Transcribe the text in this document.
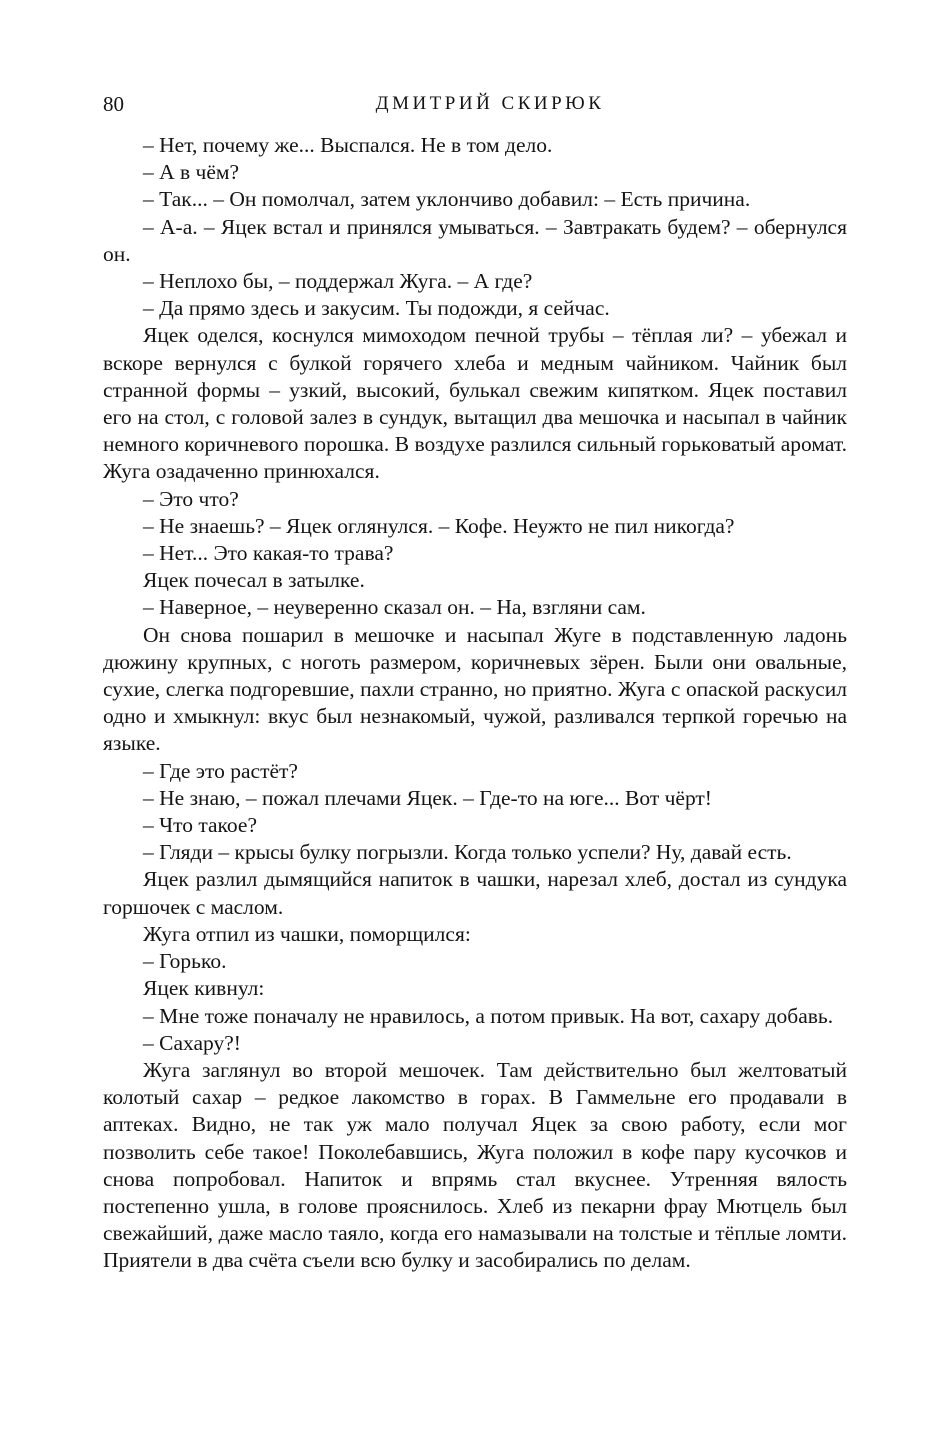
80	ДМИТРИЙ СКИРЮК

– Нет, почему же... Выспался. Не в том дело.

– А в чём?

– Так... – Он помолчал, затем уклончиво добавил: – Есть причина.

– А-а. – Яцек встал и принялся умываться. – Завтракать будем? – обернулся он.

– Неплохо бы, – поддержал Жуга. – А где?

– Да прямо здесь и закусим. Ты подожди, я сейчас.

Яцек оделся, коснулся мимоходом печной трубы – тёплая ли? – убежал и вскоре вернулся с булкой горячего хлеба и медным чайником. Чайник был странной формы – узкий, высокий, булькал свежим кипятком. Яцек поставил его на стол, с головой залез в сундук, вытащил два мешочка и насыпал в чайник немного коричневого порошка. В воздухе разлился сильный горьковатый аромат. Жуга озадаченно принюхался.

– Это что?

– Не знаешь? – Яцек оглянулся. – Кофе. Неужто не пил никогда?

– Нет... Это какая-то трава?

Яцек почесал в затылке.

– Наверное, – неуверенно сказал он. – На, взгляни сам.

Он снова пошарил в мешочке и насыпал Жуге в подставленную ладонь дюжину крупных, с ноготь размером, коричневых зёрен. Были они овальные, сухие, слегка подгоревшие, пахли странно, но приятно. Жуга с опаской раскусил одно и хмыкнул: вкус был незнакомый, чужой, разливался терпкой горечью на языке.

– Где это растёт?

– Не знаю, – пожал плечами Яцек. – Где-то на юге... Вот чёрт!

– Что такое?

– Гляди – крысы булку погрызли. Когда только успели? Ну, давай есть.

Яцек разлил дымящийся напиток в чашки, нарезал хлеб, достал из сундука горшочек с маслом.

Жуга отпил из чашки, поморщился:

– Горько.

Яцек кивнул:

– Мне тоже поначалу не нравилось, а потом привык. На вот, сахару добавь.

– Сахару?!

Жуга заглянул во второй мешочек. Там действительно был желтоватый колотый сахар – редкое лакомство в горах. В Гаммельне его продавали в аптеках. Видно, не так уж мало получал Яцек за свою работу, если мог позволить себе такое! Поколебавшись, Жуга положил в кофе пару кусочков и снова попробовал. Напиток и впрямь стал вкуснее. Утренняя вялость постепенно ушла, в голове прояснилось. Хлеб из пекарни фрау Мютцель был свежайший, даже масло таяло, когда его намазывали на толстые и тёплые ломти. Приятели в два счёта съели всю булку и засобирались по делам.
